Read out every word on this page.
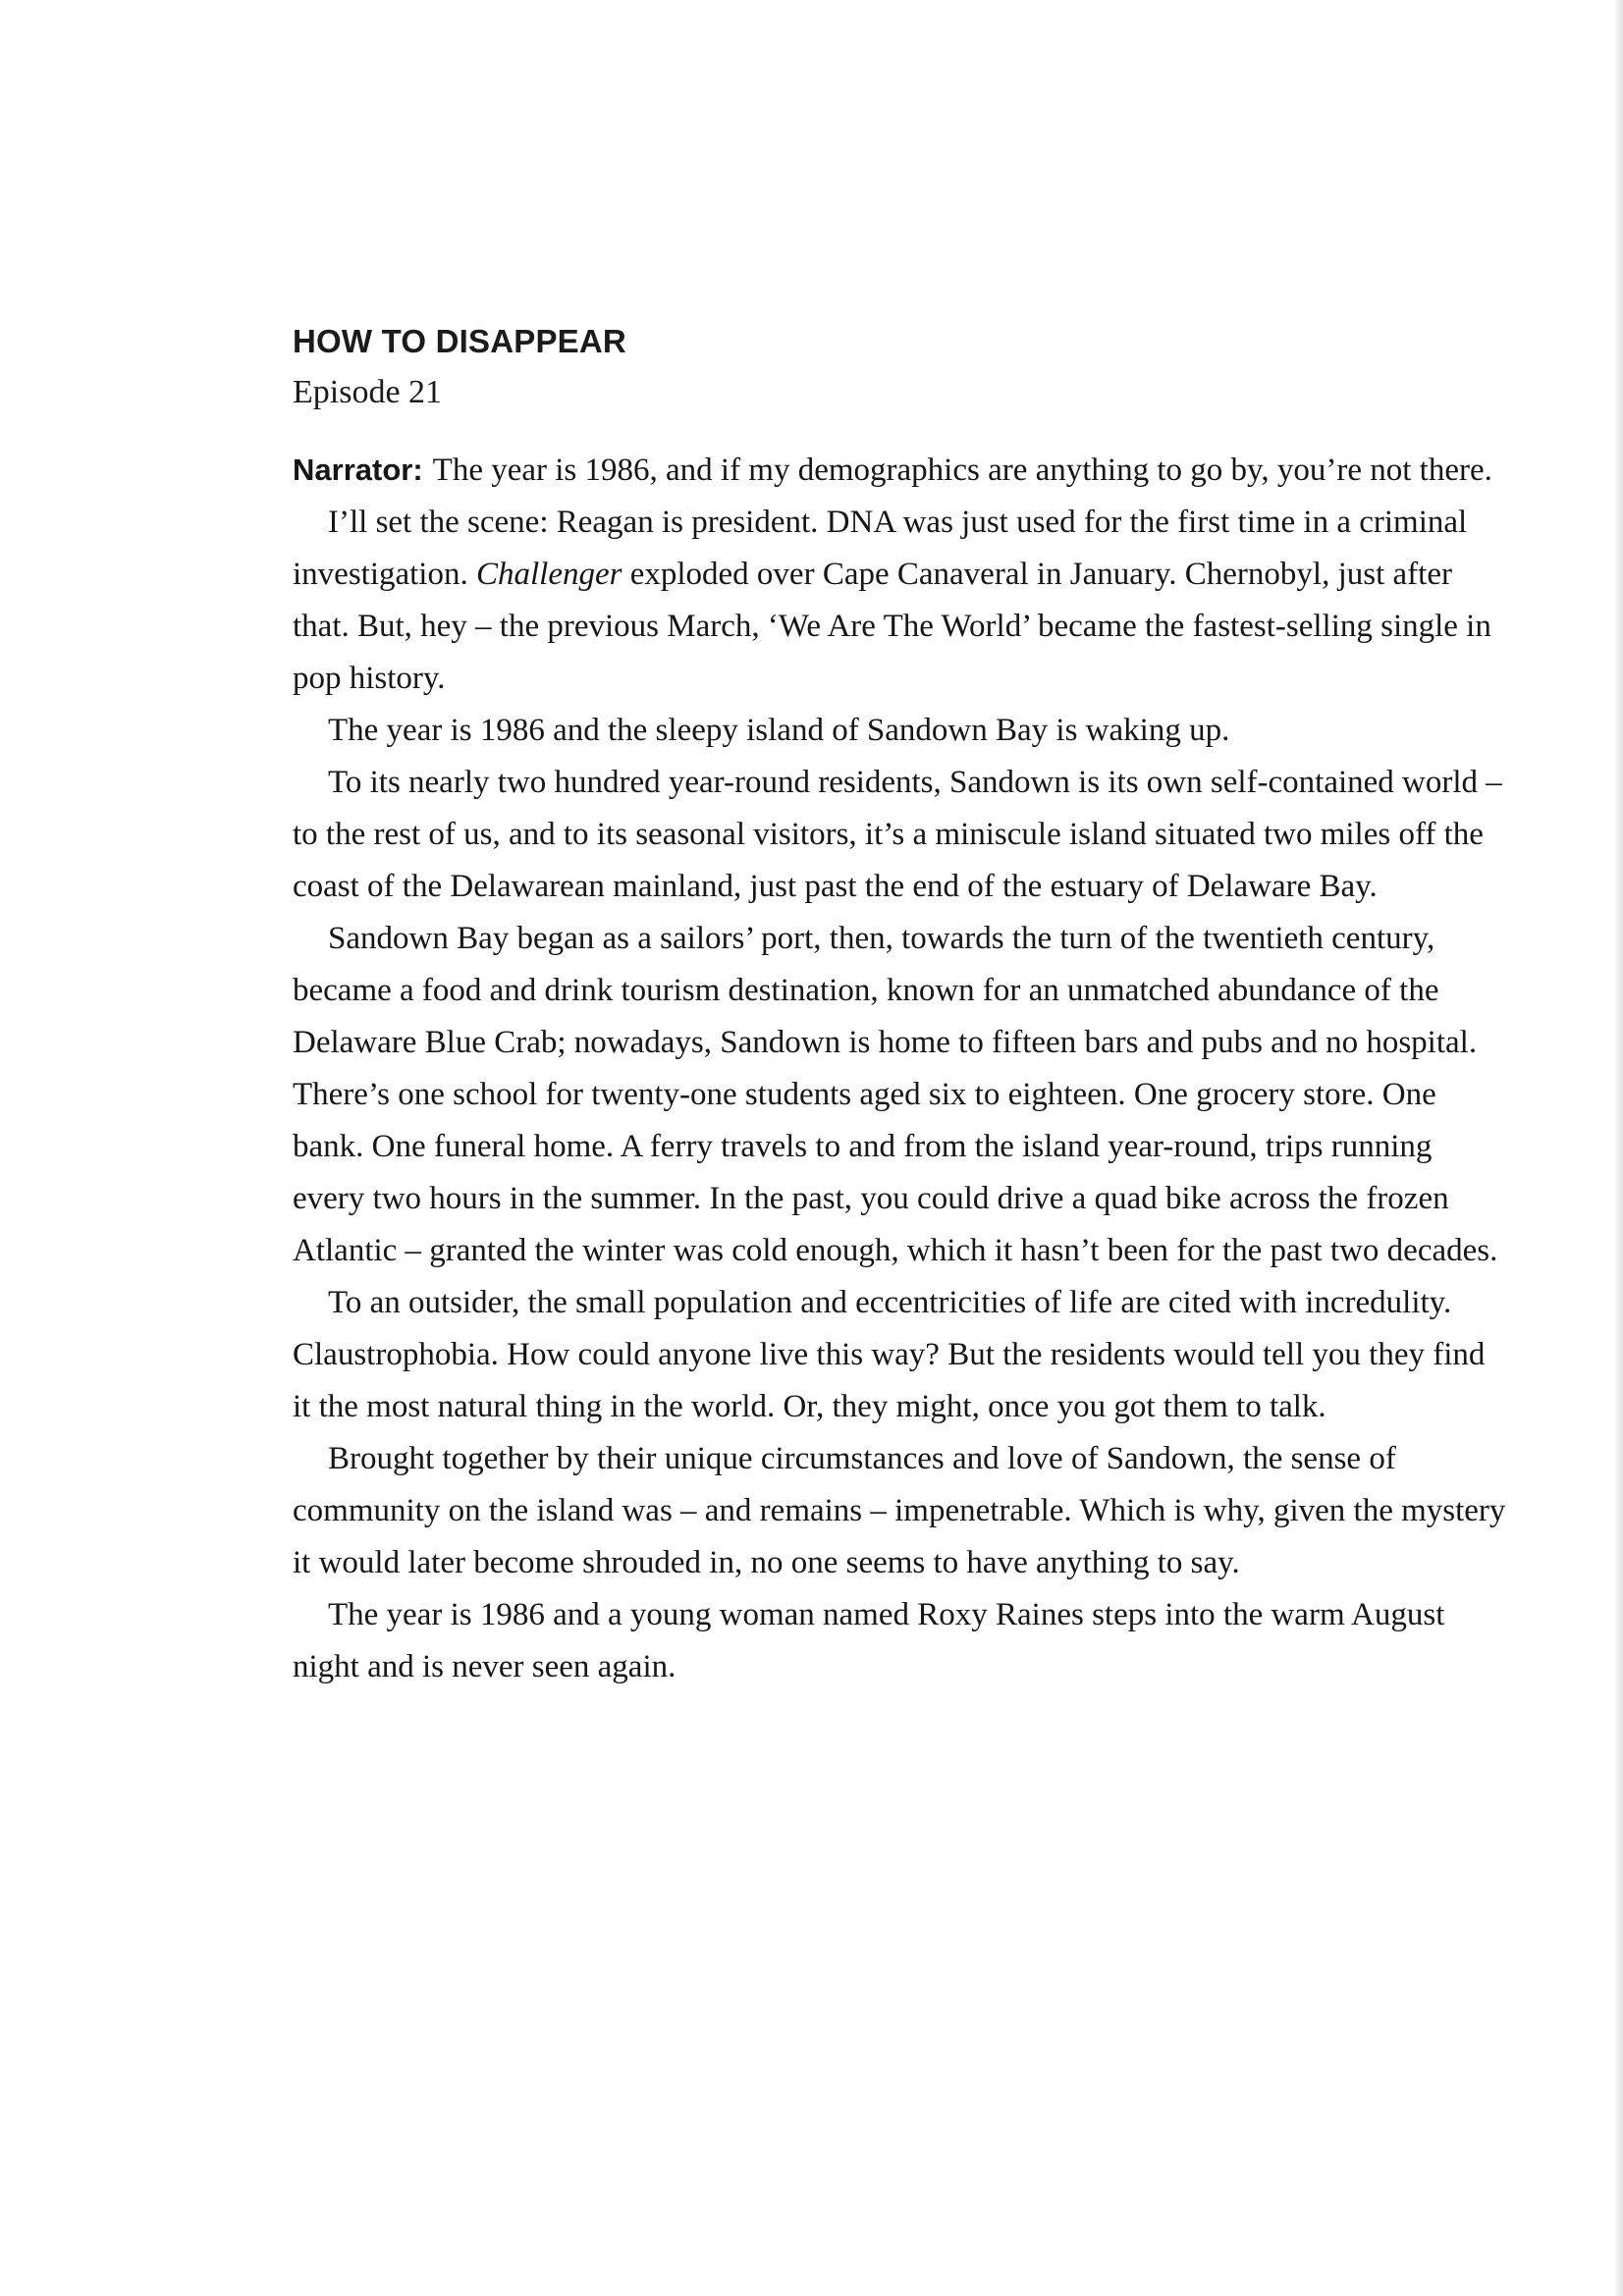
HOW TO DISAPPEAR

Episode 21

Narrator: The year is 1986, and if my demographics are anything to go by, you’re not there.

I’ll set the scene: Reagan is president. DNA was just used for the first time in a criminal investigation. Challenger exploded over Cape Canaveral in January. Chernobyl, just after that. But, hey – the previous March, ‘We Are The World’ became the fastest-selling single in pop history.

The year is 1986 and the sleepy island of Sandown Bay is waking up.

To its nearly two hundred year-round residents, Sandown is its own self-contained world – to the rest of us, and to its seasonal visitors, it’s a miniscule island situated two miles off the coast of the Delawarean mainland, just past the end of the estuary of Delaware Bay.

Sandown Bay began as a sailors’ port, then, towards the turn of the twentieth century, became a food and drink tourism destination, known for an unmatched abundance of the Delaware Blue Crab; nowadays, Sandown is home to fifteen bars and pubs and no hospital. There’s one school for twenty-one students aged six to eighteen. One grocery store. One bank. One funeral home. A ferry travels to and from the island year-round, trips running every two hours in the summer. In the past, you could drive a quad bike across the frozen Atlantic – granted the winter was cold enough, which it hasn’t been for the past two decades.

To an outsider, the small population and eccentricities of life are cited with incredulity. Claustrophobia. How could anyone live this way? But the residents would tell you they find it the most natural thing in the world. Or, they might, once you got them to talk.

Brought together by their unique circumstances and love of Sandown, the sense of community on the island was – and remains – impenetrable. Which is why, given the mystery it would later become shrouded in, no one seems to have anything to say.

The year is 1986 and a young woman named Roxy Raines steps into the warm August night and is never seen again.
